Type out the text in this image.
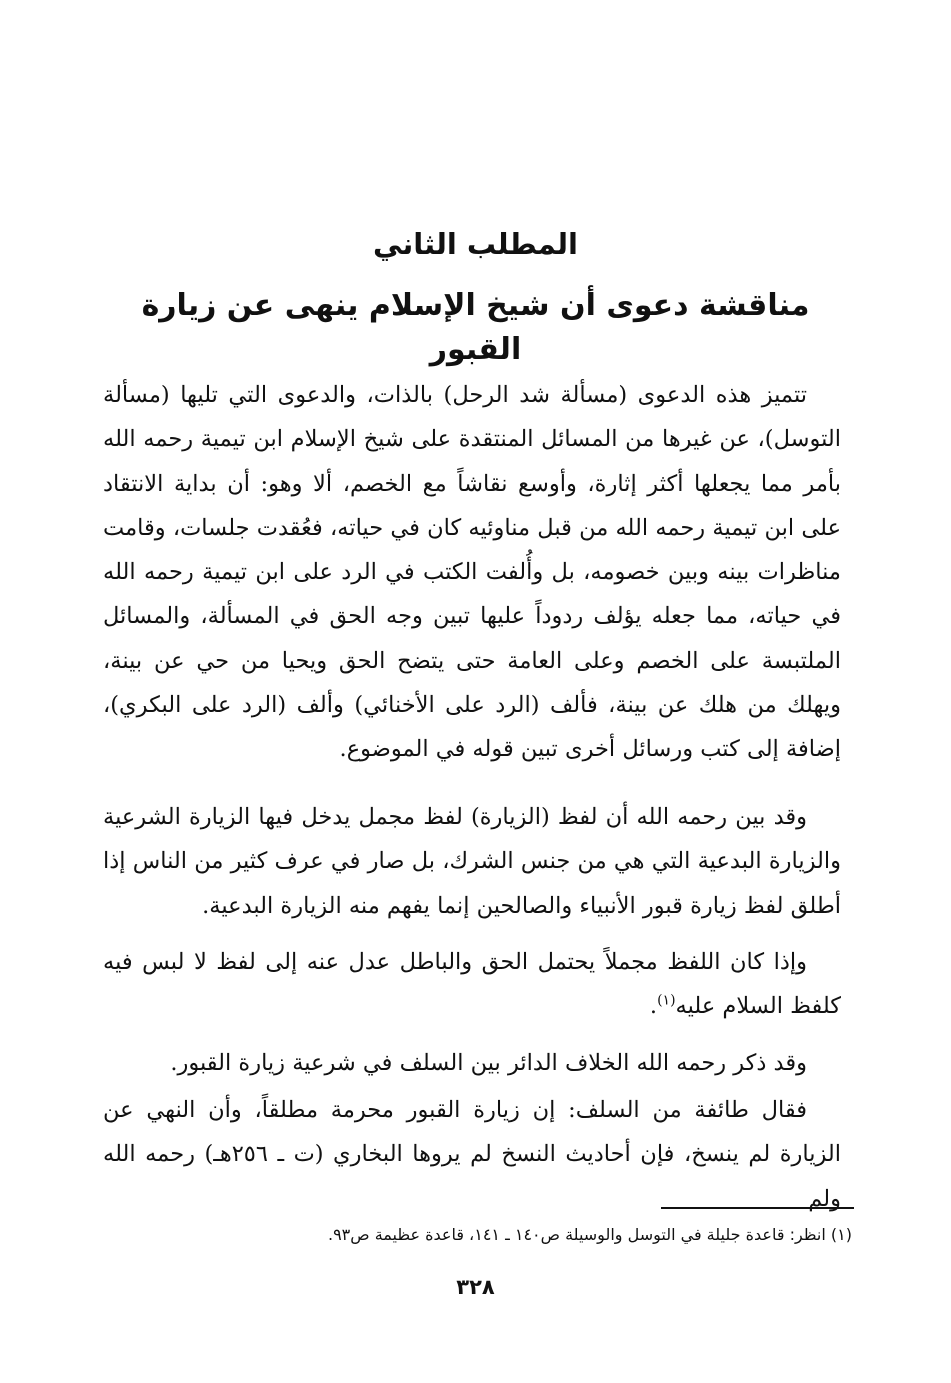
المطلب الثاني
مناقشة دعوى أن شيخ الإسلام ينهى عن زيارة القبور

تتميز هذه الدعوى (مسألة شد الرحل) بالذات، والدعوى التي تليها (مسألة التوسل)، عن غيرها من المسائل المنتقدة على شيخ الإسلام ابن تيمية رحمه الله بأمر مما يجعلها أكثر إثارة، وأوسع نقاشاً مع الخصم، ألا وهو: أن بداية الانتقاد على ابن تيمية رحمه الله من قبل مناوئيه كان في حياته، فعُقدت جلسات، وقامت مناظرات بينه وبين خصومه، بل وأُلفت الكتب في الرد على ابن تيمية رحمه الله في حياته، مما جعله يؤلف ردوداً عليها تبين وجه الحق في المسألة، والمسائل الملتبسة على الخصم وعلى العامة حتى يتضح الحق ويحيا من حي عن بينة، ويهلك من هلك عن بينة، فألف (الرد على الأخنائي) وألف (الرد على البكري)، إضافة إلى كتب ورسائل أخرى تبين قوله في الموضوع.

وقد بين رحمه الله أن لفظ (الزيارة) لفظ مجمل يدخل فيها الزيارة الشرعية والزيارة البدعية التي هي من جنس الشرك، بل صار في عرف كثير من الناس إذا أطلق لفظ زيارة قبور الأنبياء والصالحين إنما يفهم منه الزيارة البدعية.

وإذا كان اللفظ مجملاً يحتمل الحق والباطل عدل عنه إلى لفظ لا لبس فيه كلفظ السلام عليه$^{(١)}$.

وقد ذكر رحمه الله الخلاف الدائر بين السلف في شرعية زيارة القبور.

فقال طائفة من السلف: إن زيارة القبور محرمة مطلقاً، وأن النهي عن الزيارة لم ينسخ، فإن أحاديث النسخ لم يروها البخاري (ت ـ ٢٥٦هـ) رحمه الله ولم

(١) انظر: قاعدة جليلة في التوسل والوسيلة ص١٤٠ ـ ١٤١، قاعدة عظيمة ص٩٣.
٣٢٨
